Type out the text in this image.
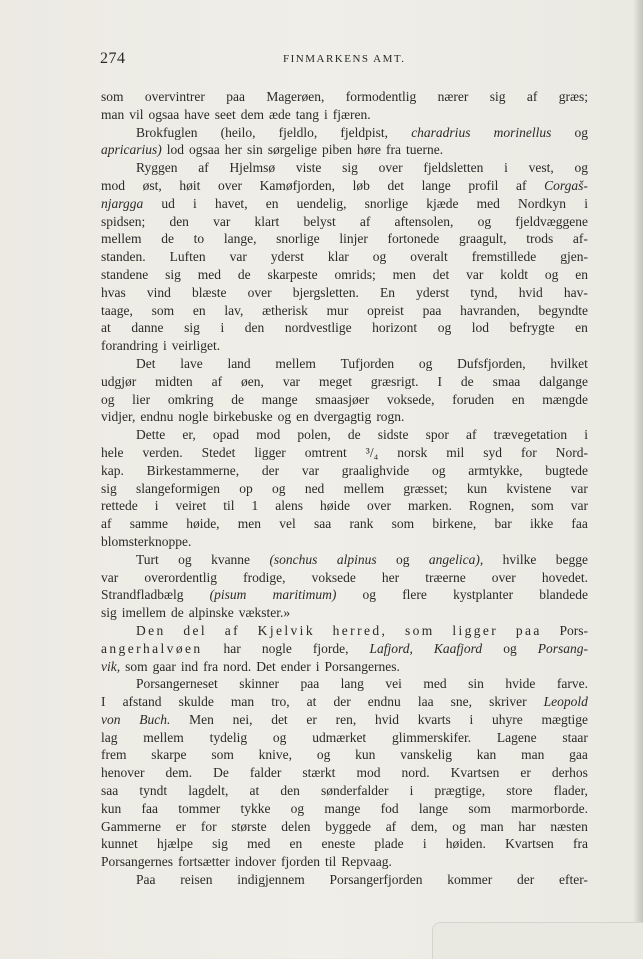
274	FINMARKENS AMT.
som overvintrer paa Magerøen, formodentlig nærer sig af græs;
man vil ogsaa have seet dem æde tang i fjæren.
Brokfuglen (heilo, fjeldlo, fjeldpist, charadrius morinellus og
apricarius) lod ogsaa her sin sørgelige piben høre fra tuerne.
Ryggen af Hjelmsø viste sig over fjeldsletten i vest, og
mod øst, høit over Kamøfjorden, løb det lange profil af Corgaš-
njargga ud i havet, en uendelig, snorlige kjæde med Nordkyn i
spidsen; den var klart belyst af aftensolen, og fjeldvæggene
mellem de to lange, snorlige linjer fortonede graagult, trods af-
standen. Luften var yderst klar og overalt fremstillede gjen-
standene sig med de skarpeste omrids; men det var koldt og en
hvas vind blæste over bjergsletten. En yderst tynd, hvid hav-
taage, som en lav, ætherisk mur opreist paa havranden, begyndte
at danne sig i den nordvestlige horizont og lod befrygte en
forandring i veirliget.
Det lave land mellem Tufjorden og Dufsfjorden, hvilket
udgjør midten af øen, var meget græsrigt. I de smaa dalgange
og lier omkring de mange smaasjøer voksede, foruden en mængde
vidjer, endnu nogle birkebuske og en dvergagtig rogn.
Dette er, opad mod polen, de sidste spor af trævegetation i
hele verden. Stedet ligger omtrent ³/₄ norsk mil syd for Nord-
kap. Birkestammerne, der var graalighvide og armtykke, bugtede
sig slangeformigen op og ned mellem græsset; kun kvistene var
rettede i veiret til 1 alens høide over marken. Rognen, som var
af samme høide, men vel saa rank som birkene, bar ikke faa
blomsterknoppe.
Turt og kvanne (sonchus alpinus og angelica), hvilke begge
var overordentlig frodige, voksede her træerne over hovedet.
Strandfladbælg (pisum maritimum) og flere kystplanter blandede
sig imellem de alpinske vækster.»
Den del af Kjelvik herred, som ligger paa Pors-
angerhalvøen har nogle fjorde, Lafjord, Kaafjord og Porsang-
vik, som gaar ind fra nord. Det ender i Porsangernes.
Porsangerneset skinner paa lang vei med sin hvide farve.
I afstand skulde man tro, at der endnu laa sne, skriver Leopold
von Buch. Men nei, det er ren, hvid kvarts i uhyre mægtige
lag mellem tydelig og udmærket glimmerskifer. Lagene staar
frem skarpe som knive, og kun vanskelig kan man gaa
henover dem. De falder stærkt mod nord. Kvartsen er derhos
saa tyndt lagdelt, at den sønderfalder i prægtige, store flader,
kun faa tommer tykke og mange fod lange som marmorborde.
Gammerne er for største delen byggede af dem, og man har næsten
kunnet hjælpe sig med en eneste plade i høiden. Kvartsen fra
Porsangernes fortsætter indover fjorden til Repvaag.
Paa reisen indigjennem Porsangerfjorden kommer der efter-
